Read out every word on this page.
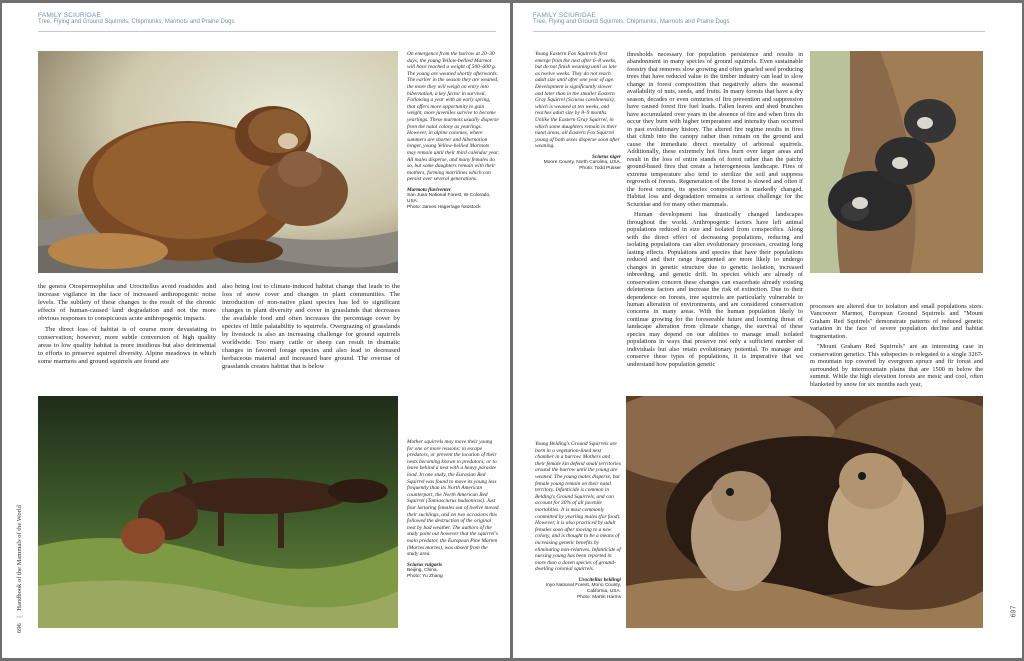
FAMILY SCIURIDAE
Tree, Flying and Ground Squirrels, Chipmunks, Marmots and Prairie Dogs
On emergence from the burrow at 20–30 days, the young Yellow-bellied Marmot will have reached a weight of 500–600 g. The young are weaned shortly afterwards. The earlier in the season they are weaned, the more they will weigh on entry into hibernation, a key factor in survival. Following a year with an early spring, that offers more opportunity to gain weight, more juveniles survive to become yearlings. These marmots usually disperse from the natal colony as yearlings. However, in alpine colonies, where summers are shorter and hibernation longer, young Yellow-bellied Marmots may remain until their third calendar year. All males disperse, and many females do so, but some daughters remain with their mothers, forming matrilines which can persist over several generations.
Marmota flaviventer
San Juan National Forest, W Colorado, USA.
Photo: James Hager/age fotostock

the genera Otospermophilus and Urocitellus avoid roadsides and increase vigilance in the face of increased anthropogenic noise levels. The subtlety of these changes is the result of the chronic effects of human-caused land degradation and not the more obvious responses to conspicuous acute anthropogenic impacts.

The direct loss of habitat is of course more devastating to conservation; however, more subtle conversion of high quality areas to low quality habitat is more insidious but also detrimental to efforts to preserve squirrel diversity. Alpine meadows in which some marmots and ground squirrels are found are

also being lost to climate-induced habitat change that leads to the loss of snow cover and changes in plant communities. The introduction of non-native plant species has led to significant changes in plant diversity and cover in grasslands that decreases the available food and often increases the percentage cover by species of little palatability to squirrels. Overgrazing of grasslands by livestock is also an increasing challenge for ground squirrels worldwide. Too many cattle or sheep can result in dramatic changes in favored forage species and also lead to decreased herbaceous material and increased bare ground. The overuse of grasslands creates habitat that is below

Mother squirrels may move their young for one or more reasons: to escape predators, or prevent the location of their nests becoming known to predators; or to leave behind a nest with a heavy parasite load. In one study, the Eurasian Red Squirrel was found to move its young less frequently than its North American counterpart, the North American Red Squirrel (Tamiasciurus hudsonicus). Just four lactating females out of twelve moved their sucklings, and on two occasions this followed the destruction of the original nest by bad weather. The authors of the study point out however that the squirrel's main predator, the European Pine Marten (Martes martes), was absent from the study area.
Sciurus vulgaris
Beijing, China.
Photo: Yu Zhang
696 | Handbook of the Mammals of the World
FAMILY SCIURIDAE
Tree, Flying and Ground Squirrels, Chipmunks, Marmots and Prairie Dogs
Young Eastern Fox Squirrels first emerge from the nest after 6–8 weeks, but do not finish weaning until as late as twelve weeks. They do not reach adult size until after one year of age. Development is significantly slower and later than in the smaller Eastern Gray Squirrel (Sciurus carolinensis), which is weaned at ten weeks, and reaches adult size by 8–9 months. Unlike the Eastern Gray Squirrel, in which some daughters remain in their natal areas, all Eastern Fox Squirrel young of both sexes disperse soon after weaning.
Sciurus niger
Moore County, North Carolina, USA.
Photo: Todd Pusser

thresholds necessary for population persistence and results in abandonment in many species of ground squirrels. Even sustainable forestry that removes slow growing and often gnarled seed producing trees that have reduced value to the timber industry can lead to slow change in forest composition that negatively alters the seasonal availability of nuts, seeds, and fruits. In many forests that have a dry season, decades or even centuries of fire prevention and suppression have caused forest fire fuel loads. Fallen leaves and shed branches have accumulated over years in the absence of fire and when fires do occur they burn with higher temperature and intensity than occurred in past evolutionary history. The altered fire regime results in fires that climb into the canopy rather than remain on the ground and cause the immediate direct mortality of arboreal squirrels. Additionally, these extremely hot fires burn over larger areas and result in the loss of entire stands of forest rather than the patchy ground-based fires that create a heterogeneous landscape. Fires of extreme temperature also tend to sterilize the soil and suppress regrowth of forests. Regeneration of the forest is slowed and often if the forest returns, its species composition is markedly changed. Habitat loss and degradation remains a serious challenge for the Sciuridae and for many other mammals.

Human development has drastically changed landscapes throughout the world. Anthropogenic factors have left animal populations reduced in size and isolated from conspecifics. Along with the direct effect of decreasing populations, reducing and isolating populations can alter evolutionary processes, creating long lasting effects. Populations and species that have their populations reduced and their range fragmented are more likely to undergo changes in genetic structure due to genetic isolation, increased inbreeding, and genetic drift. In species which are already of conservation concern these changes can exacerbate already existing deleterious factors and increase the risk of extinction. Due to their dependence on forests, tree squirrels are particularly vulnerable to human alteration of environments, and are considered conservation concerns in many areas. With the human population likely to continue growing for the foreseeable future and looming threat of landscape alteration from climate change, the survival of these species may depend on our abilities to manage small isolated populations in ways that preserve not only a sufficient number of individuals but also retain evolutionary potential. To manage and conserve these types of populations, it is imperative that we understand how population genetic

processes are altered due to isolation and small populations sizes. Vancouver Marmot, European Ground Squirrels and "Mount Graham Red Squirrels" demonstrate patterns of reduced genetic variation in the face of severe population decline and habitat fragmentation.

"Mount Graham Red Squirrels" are an interesting case in conservation genetics. This subspecies is relegated to a single 3267-m mountain top covered by evergreen spruce and fir forest and surrounded by intermountain plains that are 1500 m below the summit. While the high elevation forests are mesic and cool, often blanketed by snow for six months each year,

Young Belding's Ground Squirrels are born in a vegetation-lined nest chamber in a burrow. Mothers and their female kin defend small territories around the burrow until the young are weaned. The young males disperse, but female young remain on their natal territory. Infanticide is common in Belding's Ground Squirrels, and can account for 30% of all juvenile mortalities. It is most commonly committed by yearling males (for food). However, it is also practiced by adult females soon after moving to a new colony, and is thought to be a means of increasing genetic benefits by eliminating non-relatives. Infanticide of nursing young has been reported in more than a dozen species of ground-dwelling colonial squirrels.
Urocitellus beldingi
Inyo National Forest, Mono County, California, USA.
Photo: Martin Harms
697
